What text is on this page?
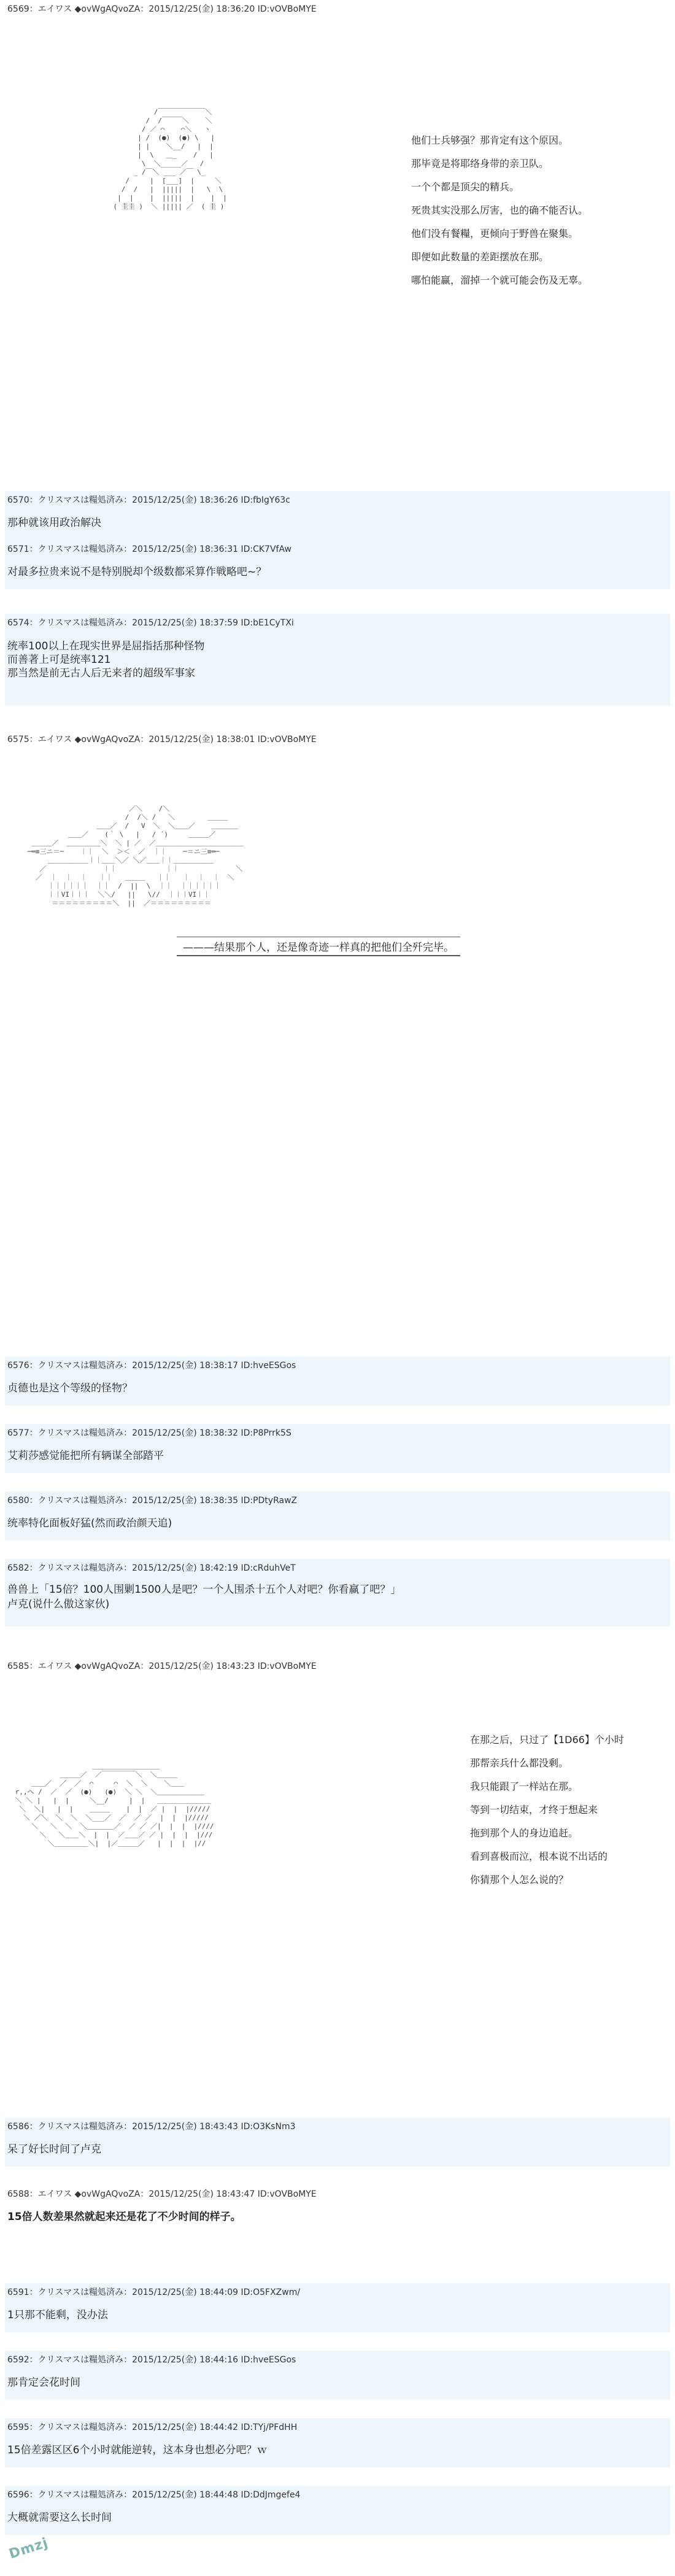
6569：エイワス ◆ovWgAQvoZA：2015/12/25(金) 18:36:20 ID:vOVBoMYE
/￣￣￣￣￣￣￣＼
/  /￣￣￣＼    ＼
/ ／ ⌒    ⌒＼   ヽ
| /  (●)  (●) \   |
| |    ＼__/   |  |
|  \   ＿_    /   |
\  ＼_____／   /
_ /￣＼ ___ ／￣ \_
/     |  [___]  |     ＼
/  /   |  |||||  |   \  \
|  |    |  |||||  |    |  |
( 圭圭 )  ＼ ||||| ／  ( 圭 )

他们士兵够强？那肯定有这个原因。
那毕竟是将耶络身带的亲卫队。
一个个都是顶尖的精兵。
死贵其实没那么厉害，也的确不能否认。
他们没有餐糧，更倾向于野兽在聚集。
即便如此数量的差距摆放在那。
哪怕能赢，溜掉一个就可能会伤及无辜。
6570：クリスマスは糧処済み：2015/12/25(金) 18:36:26 ID:fbIgY63c
那种就该用政治解决
6571：クリスマスは糧処済み：2015/12/25(金) 18:36:31 ID:CK7VfAw
对最多拉贵来说不是特别脱却个级数都采算作戦略吧~？
6574：クリスマスは糧処済み：2015/12/25(金) 18:37:59 ID:bE1CyTXi
统率100以上在现实世界是屈指括那种怪物
而善著上可是统率121
那当然是前无古人后无来者的超级军事家
6575：エイワス ◆ovWgAQvoZA：2015/12/25(金) 18:38:01 ID:vOVBoMYE
／＼    /＼
/  /＼ /   ＼        ＿＿＿
＿＿／  /   V  ＼  ＼＿＿／    ＿＿＿＿
＿＿／    (｀ \   |   / ´)     ＿＿＿／
＿＿＿／  ＿＿＿＿＿＼  ＼ | ／  ／＿＿＿＿＿＿＿＿＿＿＿＿＿
─═≡三ニ＝─    ｜｜  ＼  ＞＜  ／  ｜｜    ─＝ニ三≡═─
＿＿＿＿＿＿｜｜＿＿＼／ ＼／＿＿｜｜＿＿＿＿＿＿
／              ｜｜            ｜｜              ＼
／  ｜  ｜  ｜   ｜｜   ＿＿＿   ｜｜   ｜  ｜  ｜  ＼
｜｜｜｜｜｜  ｜｜  /  ||  \  ｜｜  ｜｜｜｜｜｜
｜｜VI｜｜｜  ＼＼/   ||   \//  ｜｜｜VI｜｜
＝＝＝＝＝＝＝＝＝＼  ||  ／＝＝＝＝＝＝＝＝＝

———结果那个人，还是像奇迹一样真的把他们全歼完毕。
6576：クリスマスは糧処済み：2015/12/25(金) 18:38:17 ID:hveESGos
贞德也是这个等级的怪物？
6577：クリスマスは糧処済み：2015/12/25(金) 18:38:32 ID:P8Prrk5S
艾莉莎感觉能把所有辆谋全部踏平
6580：クリスマスは糧処済み：2015/12/25(金) 18:38:35 ID:PDtyRawZ
统率特化面板好猛(然而政治颜天追)
6582：クリスマスは糧処済み：2015/12/25(金) 18:42:19 ID:cRduhVeT
兽兽上「15倍？100人围剿1500人是吧？一个人围杀十五个人对吧？你看赢了吧？」
卢克(说什么傲这家伙)
6585：エイワス ◆ovWgAQvoZA：2015/12/25(金) 18:43:23 ID:vOVBoMYE
＿＿＿＿＿＿＿＿＿＿
＿＿＿／  ／￣￣￣￣￣＼  ＼＿＿＿
＿＿／  ／  ／  ⌒     ⌒  ＼  ＼    ＼＿＿
r,,ヘ /  ／  ／  (●)   (●)  ＼ ＼  ＼＿＿＿＿＿＿＿
＼ ＼ |   |  |     ＼__/     |  |   ＿＿＿＿＿＿＿＿
＼  ＼|   |  |    ＿＿＿    |  |  ／ |  |  |/////
＼ ／＼  ＼  ＼  ＼___／  ／  ／ ／  |  |  |/////
＼   ＼  ＼  ＼＿＿＿＿／  ／ ／ ／|  |  |  |////
＼   ＼＿＿＼  |  |  ／＿＿／ ／ |  |  |  |///
＼＿＿＿＿＿＼|  |／＿＿＿／   |  |  |  |//

在那之后，只过了【1D66】个小时
那帮亲兵什么都没剩。
我只能跟了一样站在那。
等到一切结束，才终于想起来
拖到那个人的身边追赶。
看到喜极而泣，根本说不出话的
你猜那个人怎么说的？
6586：クリスマスは糧処済み：2015/12/25(金) 18:43:43 ID:O3KsNm3
呆了好长时间了卢克
6588：エイワス ◆ovWgAQvoZA：2015/12/25(金) 18:43:47 ID:vOVBoMYE
15倍人数差果然就起来还是花了不少时间的样子。
6591：クリスマスは糧処済み：2015/12/25(金) 18:44:09 ID:O5FXZwm/
1只那不能剩，没办法
6592：クリスマスは糧処済み：2015/12/25(金) 18:44:16 ID:hveESGos
那肯定会花时间
6595：クリスマスは糧処済み：2015/12/25(金) 18:44:42 ID:TYj/PFdHH
15倍差露区区6个小时就能逆转，这本身也想必分吧？ｗ
6596：クリスマスは糧処済み：2015/12/25(金) 18:44:48 ID:DdJmgefe4
大概就需要这么长时间
Dmzj
